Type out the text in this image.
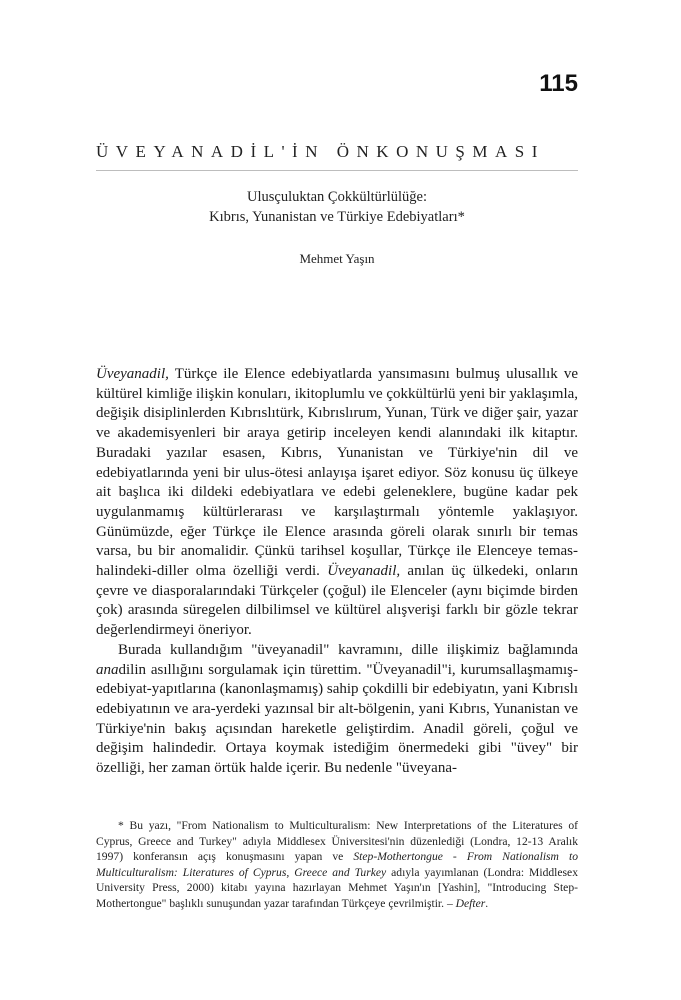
115
ÜVEYANADİL'İN ÖNKONUŞMASI
Ulusçuluktan Çokkültürlülüğe:
Kıbrıs, Yunanistan ve Türkiye Edebiyatları*
Mehmet Yaşın

Üveyanadil, Türkçe ile Elence edebiyatlarda yansımasını bulmuş ulusallık ve kültürel kimliğe ilişkin konuları, ikitoplumlu ve çokkültürlü yeni bir yaklaşımla, değişik disiplinlerden Kıbrıslıtürk, Kıbrıslırum, Yunan, Türk ve diğer şair, yazar ve akademisyenleri bir araya getirip inceleyen kendi alanındaki ilk kitaptır. Buradaki yazılar esasen, Kıbrıs, Yunanistan ve Türkiye'nin dil ve edebiyatlarında yeni bir ulus-ötesi anlayışa işaret ediyor. Söz konusu üç ülkeye ait başlıca iki dildeki edebiyatlara ve edebi geleneklere, bugüne kadar pek uygulanmamış kültürlerarası ve karşılaştırmalı yöntemle yaklaşıyor. Günümüzde, eğer Türkçe ile Elence arasında göreli olarak sınırlı bir temas varsa, bu bir anomalidir. Çünkü tarihsel koşullar, Türkçe ile Elenceye temas-halindeki-diller olma özelliği verdi. Üveyanadil, anılan üç ülkedeki, onların çevre ve diasporalarındaki Türkçeler (çoğul) ile Elenceler (aynı biçimde birden çok) arasında süregelen dilbilimsel ve kültürel alışverişi farklı bir gözle tekrar değerlendirmeyi öneriyor.

Burada kullandığım "üveyanadil" kavramını, dille ilişkimiz bağlamında anadilin asıllığını sorgulamak için türettim. "Üveyanadil"i, kurumsallaşmamış-edebiyat-yapıtlarına (kanonlaşmamış) sahip çokdilli bir edebiyatın, yani Kıbrıslı edebiyatının ve ara-yerdeki yazınsal bir alt-bölgenin, yani Kıbrıs, Yunanistan ve Türkiye'nin bakış açısından hareketle geliştirdim. Anadil göreli, çoğul ve değişim halindedir. Ortaya koymak istediğim önermedeki gibi "üvey" bir özelliği, her zaman örtük halde içerir. Bu nedenle "üveyana-

* Bu yazı, "From Nationalism to Multiculturalism: New Interpretations of the Literatures of Cyprus, Greece and Turkey" adıyla Middlesex Üniversitesi'nin düzenlediği (Londra, 12-13 Aralık 1997) konferansın açış konuşmasını yapan ve Step-Mothertongue - From Nationalism to Multiculturalism: Literatures of Cyprus, Greece and Turkey adıyla yayımlanan (Londra: Middlesex University Press, 2000) kitabı yayına hazırlayan Mehmet Yaşın'ın [Yashin], "Introducing Step-Mothertongue" başlıklı sunuşundan yazar tarafından Türkçeye çevrilmiştir. – Defter.
